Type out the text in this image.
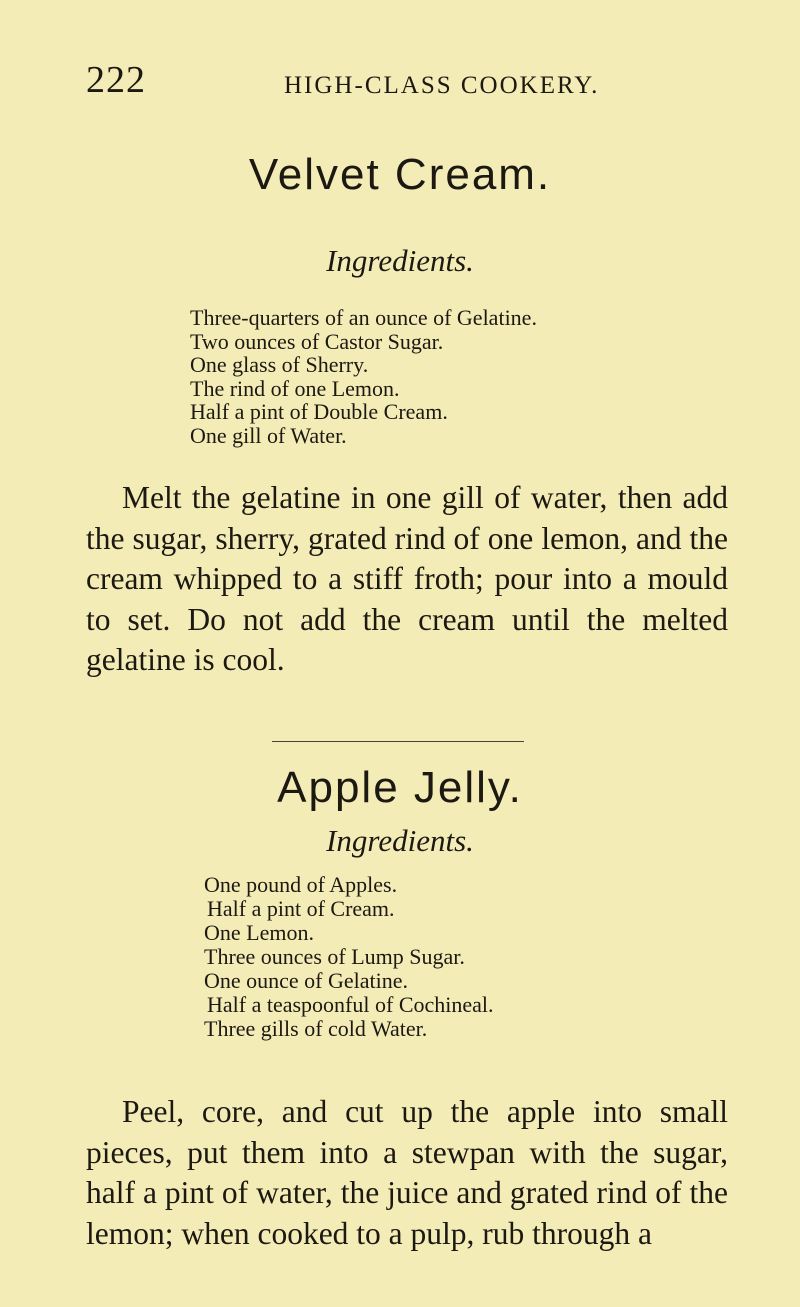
222	HIGH-CLASS COOKERY.
Velvet Cream.
Ingredients.
Three-quarters of an ounce of Gelatine.
Two ounces of Castor Sugar.
One glass of Sherry.
The rind of one Lemon.
Half a pint of Double Cream.
One gill of Water.

Melt the gelatine in one gill of water, then add the sugar, sherry, grated rind of one lemon, and the cream whipped to a stiff froth; pour into a mould to set. Do not add the cream until the melted gelatine is cool.

Apple Jelly.
Ingredients.
One pound of Apples.
Half a pint of Cream.
One Lemon.
Three ounces of Lump Sugar.
One ounce of Gelatine.
Half a teaspoonful of Cochineal.
Three gills of cold Water.

Peel, core, and cut up the apple into small pieces, put them into a stewpan with the sugar, half a pint of water, the juice and grated rind of the lemon; when cooked to a pulp, rub through a
